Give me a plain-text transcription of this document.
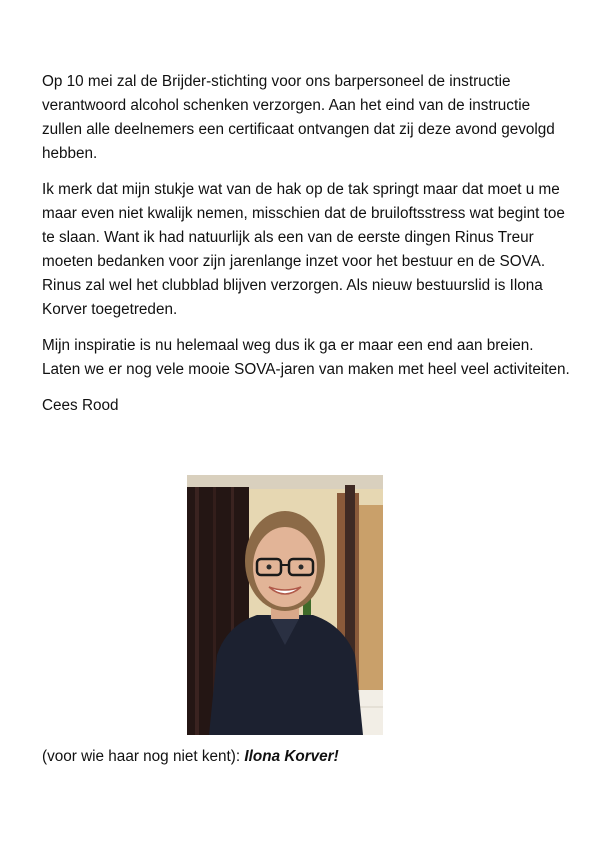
Op 10 mei zal de Brijder-stichting voor ons barpersoneel de instructie verantwoord alcohol schenken verzorgen. Aan het eind van de instructie zullen alle deelnemers een certificaat ontvangen dat zij deze avond gevolgd hebben.

Ik merk dat mijn stukje wat van de hak op de tak springt maar dat moet u me maar even niet kwalijk nemen, misschien dat de bruiloftsstress wat begint toe te slaan. Want ik had natuurlijk als een van de eerste dingen Rinus Treur moeten bedanken voor zijn jarenlange inzet voor het bestuur en de SOVA. Rinus zal wel het clubblad blijven verzorgen. Als nieuw bestuurslid is Ilona Korver toegetreden.

Mijn inspiratie is nu helemaal weg dus ik ga er maar een end aan breien. Laten we er nog vele mooie SOVA-jaren van maken met heel veel activiteiten.

Cees Rood

(voor wie haar nog niet kent): Ilona Korver!
